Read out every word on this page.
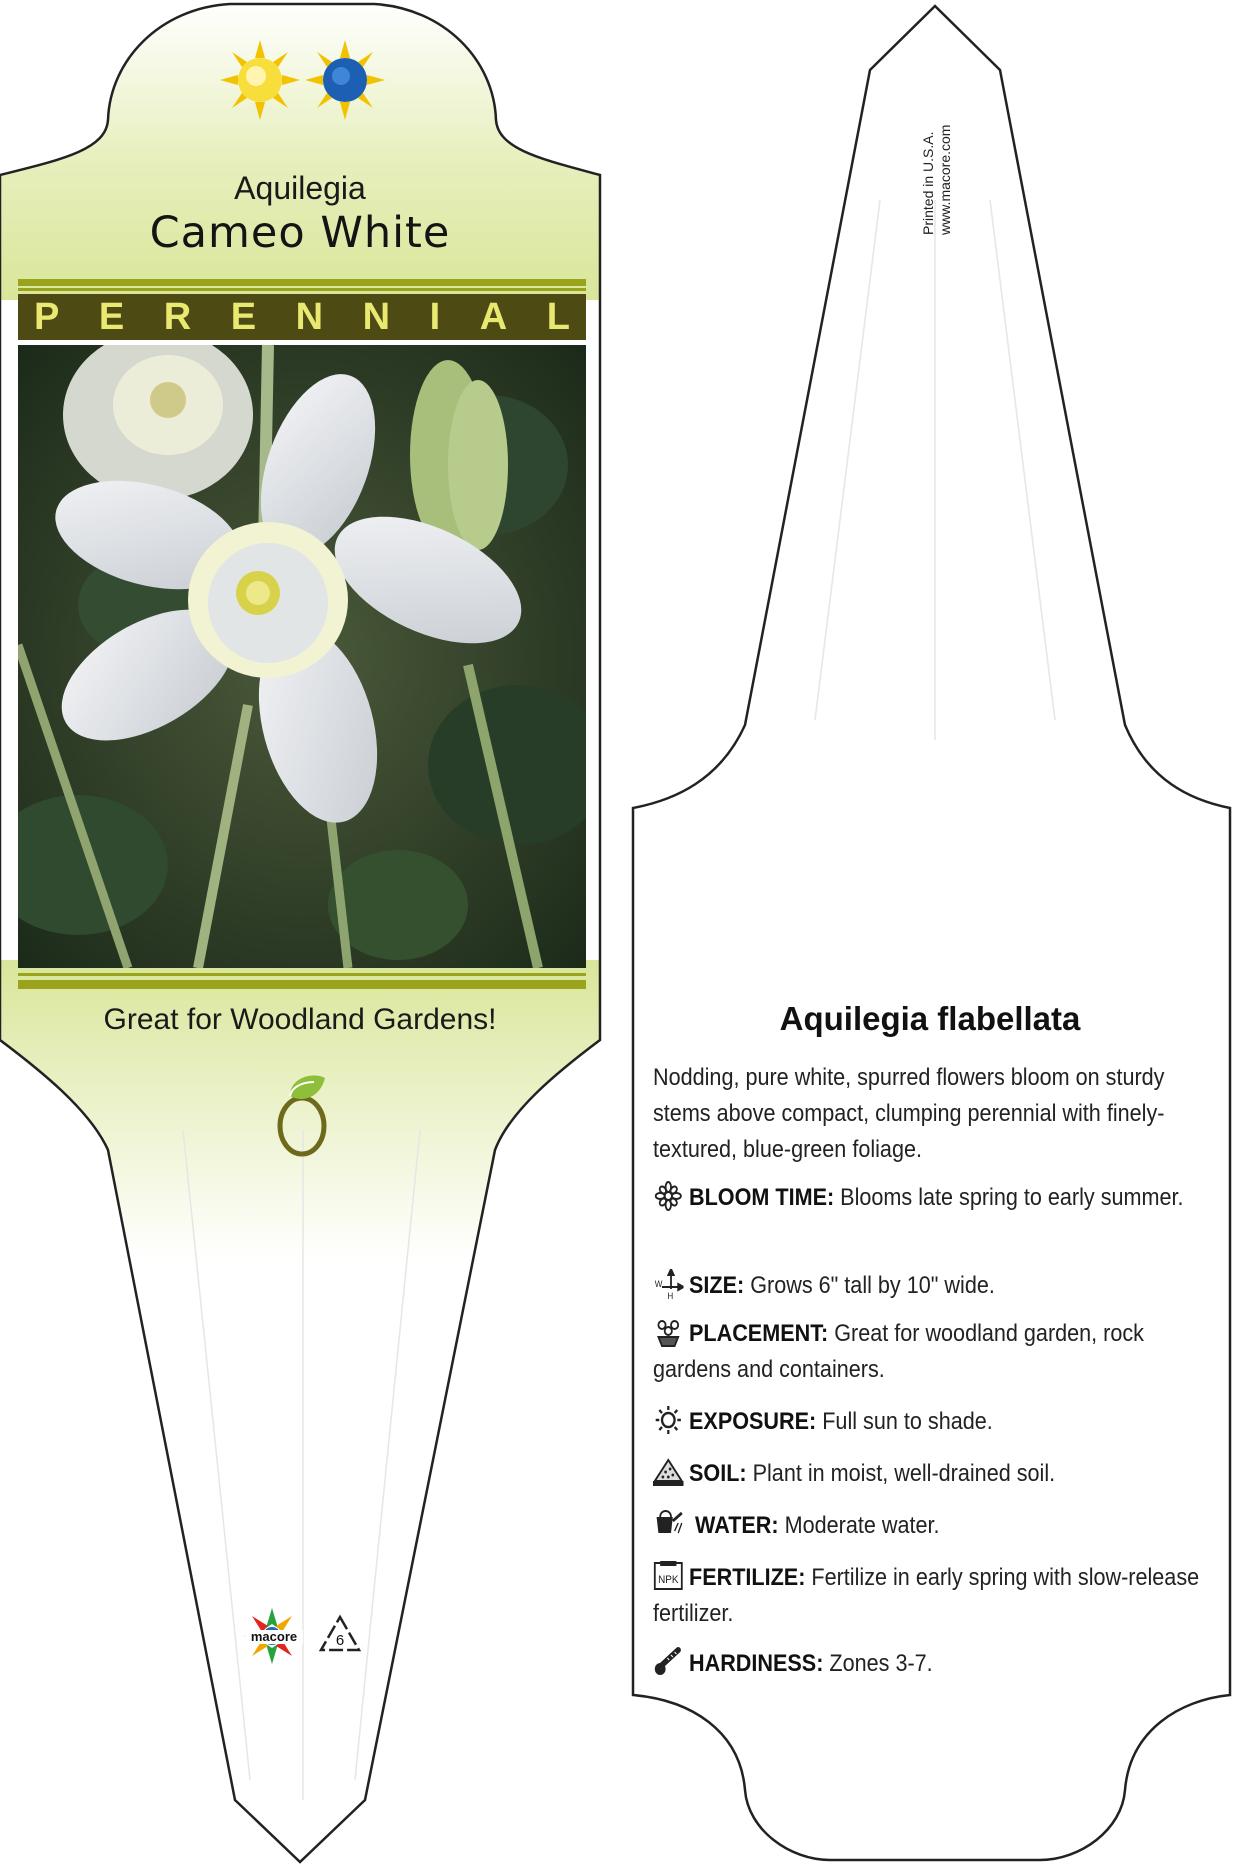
Aquilegia
Cameo White
P E R E N N I A L
Great for Woodland Gardens!
macore	6
Printed in U.S.A. www.macore.com
Aquilegia flabellata
Nodding, pure white, spurred flowers bloom on sturdy stems above compact, clumping perennial with finely-textured, blue-green foliage.
BLOOM TIME: Blooms late spring to early summer.
W
H SIZE: Grows 6" tall by 10" wide.
PLACEMENT: Great for woodland garden, rock gardens and containers.
EXPOSURE: Full sun to shade.
SOIL: Plant in moist, well-drained soil.
WATER: Moderate water.
NPK FERTILIZE: Fertilize in early spring with slow-release fertilizer.
HARDINESS: Zones 3-7.
